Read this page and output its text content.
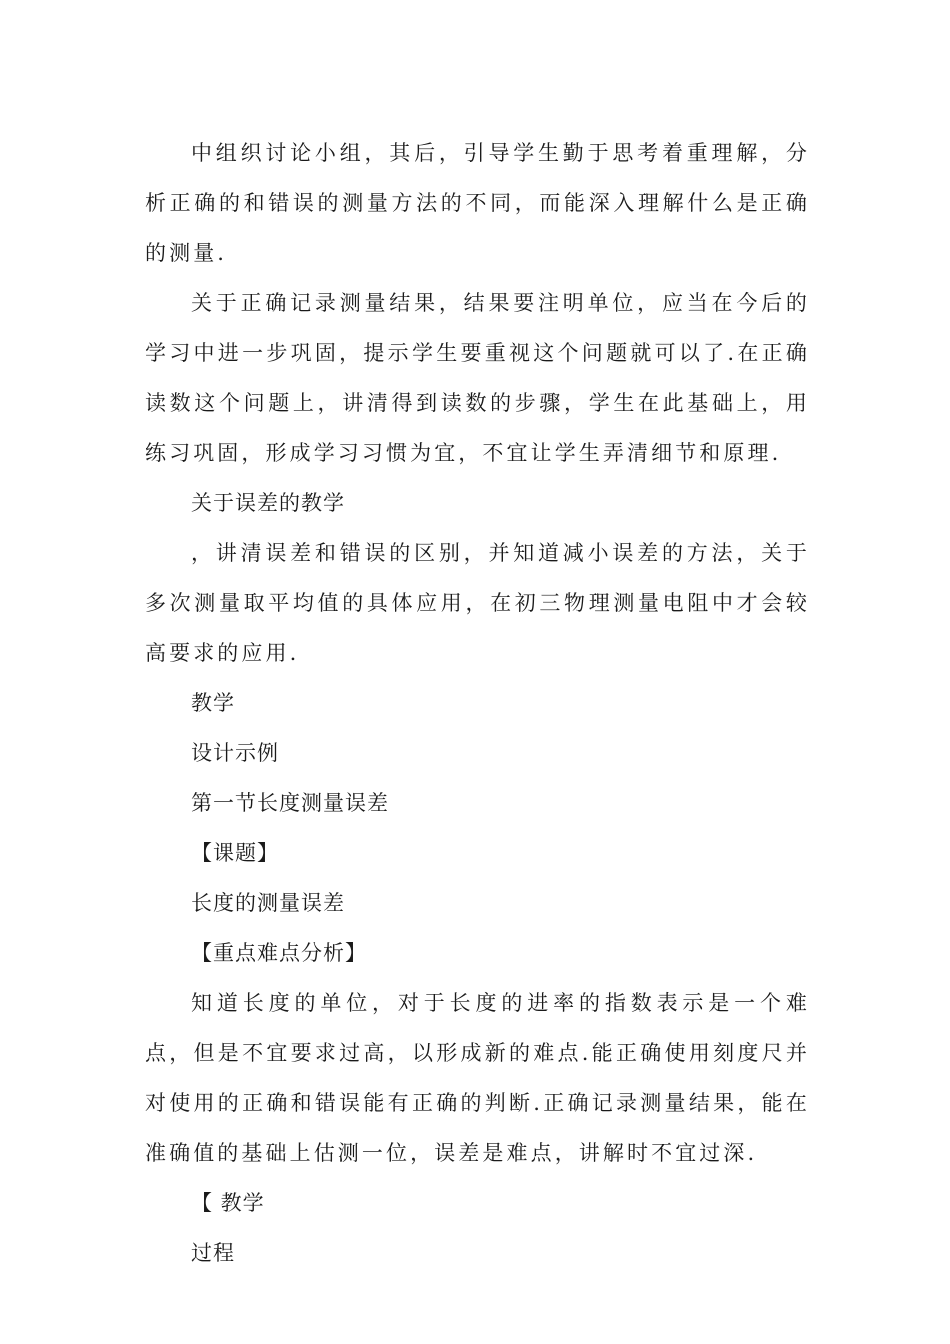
中组织讨论小组，其后，引导学生勤于思考着重理解，分析正确的和错误的测量方法的不同，而能深入理解什么是正确的测量.

关于正确记录测量结果，结果要注明单位，应当在今后的学习中进一步巩固，提示学生要重视这个问题就可以了.在正确读数这个问题上，讲清得到读数的步骤，学生在此基础上，用练习巩固，形成学习习惯为宜，不宜让学生弄清细节和原理.

关于误差的教学

，讲清误差和错误的区别，并知道减小误差的方法，关于多次测量取平均值的具体应用，在初三物理测量电阻中才会较高要求的应用.

教学

设计示例

第一节长度测量误差

【课题】

长度的测量误差

【重点难点分析】

知道长度的单位，对于长度的进率的指数表示是一个难点，但是不宜要求过高，以形成新的难点.能正确使用刻度尺并对使用的正确和错误能有正确的判断.正确记录测量结果，能在准确值的基础上估测一位，误差是难点，讲解时不宜过深.

【 教学

过程
